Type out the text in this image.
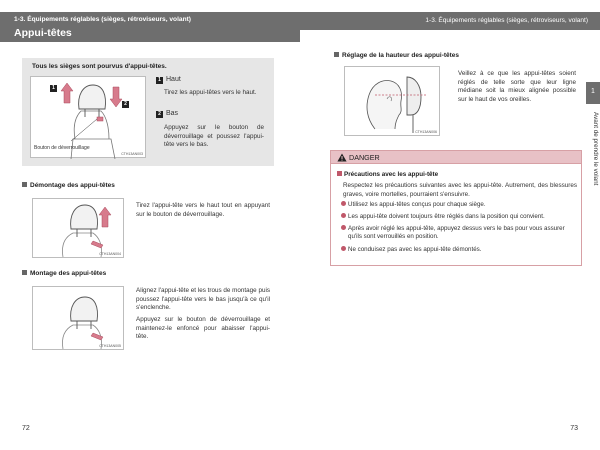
1-3. Équipements réglables (sièges, rétroviseurs, volant)
Appui-têtes
Tous les sièges sont pourvus d'appui-têtes.
1
2
Bouton de déverrouillage
CTH13AN003
1 Haut
Tirez les appui-têtes vers le haut.
2 Bas
Appuyez sur le bouton de déverrouillage et poussez l'appui-tête vers le bas.
Démontage des appui-têtes
CTH13AN004
Tirez l'appui-tête vers le haut tout en appuyant sur le bouton de déverrouillage.
Montage des appui-têtes
CTH13AN005
Alignez l'appui-tête et les trous de montage puis poussez l'appui-tête vers le bas jusqu'à ce qu'il s'enclenche.
Appuyez sur le bouton de déverrouillage et maintenez-le enfoncé pour abaisser l'appui-tête.
72
1-3. Équipements réglables (sièges, rétroviseurs, volant)
Réglage de la hauteur des appui-têtes
CTH13AN006
Veillez à ce que les appui-têtes soient réglés de telle sorte que leur ligne médiane soit la mieux alignée possible sur le haut de vos oreilles.
DANGER
Précautions avec les appui-tête
Respectez les précautions suivantes avec les appui-tête. Autrement, des blessures graves, voire mortelles, pourraient s'ensuivre.
Utilisez les appui-têtes conçus pour chaque siège.
Les appui-tête doivent toujours être réglés dans la position qui convient.
Après avoir réglé les appui-tête, appuyez dessus vers le bas pour vous assurer qu'ils sont verrouillés en position.
Ne conduisez pas avec les appui-tête démontés.
1
Avant de prendre le volant
73
